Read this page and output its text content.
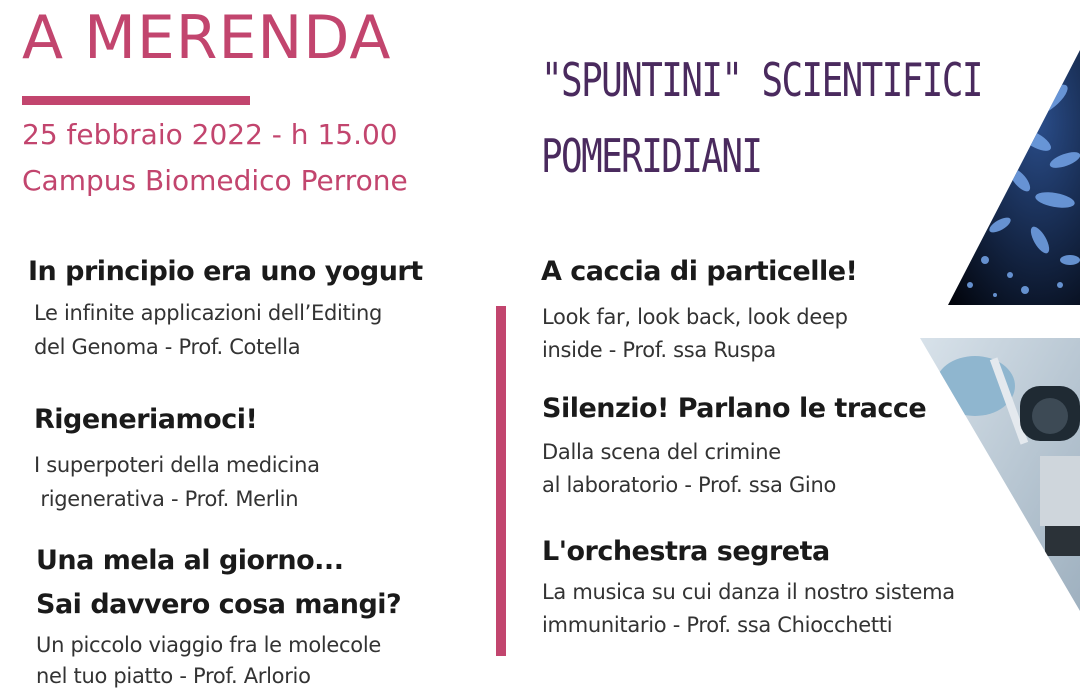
A MERENDA
25 febbraio 2022 - h 15.00
Campus Biomedico Perrone
"SPUNTINI" SCIENTIFICI
POMERIDIANI
In principio era uno yogurt
Le infinite applicazioni dell’Editing
del Genoma - Prof. Cotella
Rigeneriamoci!
I superpoteri della medicina
rigenerativa - Prof. Merlin
Una mela al giorno...
Sai davvero cosa mangi?
Un piccolo viaggio fra le molecole
nel tuo piatto - Prof. Arlorio
A caccia di particelle!
Look far, look back, look deep
inside - Prof. ssa Ruspa
Silenzio! Parlano le tracce
Dalla scena del crimine
al laboratorio - Prof. ssa Gino
L'orchestra segreta
La musica su cui danza il nostro sistema
immunitario - Prof. ssa Chiocchetti
